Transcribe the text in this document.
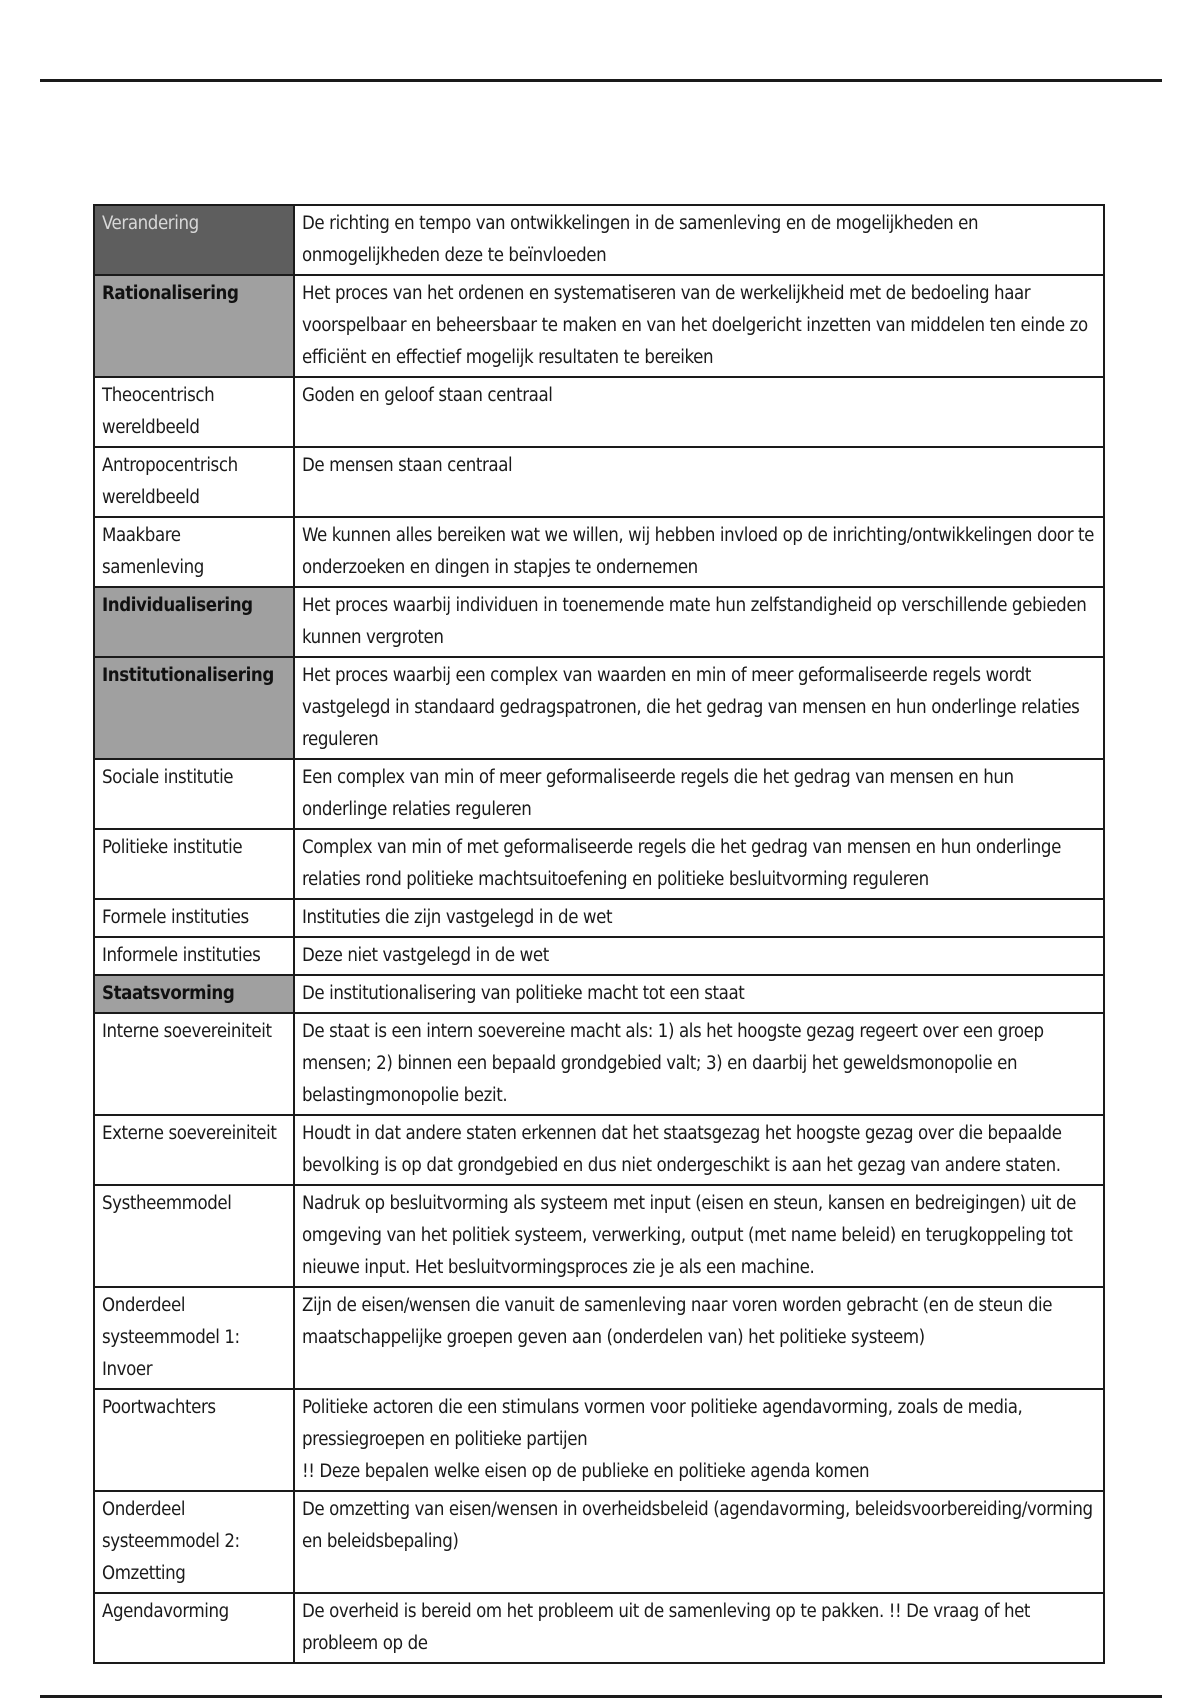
Verandering	De richting en tempo van ontwikkelingen in de samenleving en de mogelijkheden en onmogelijkheden deze te beïnvloeden

Rationalisering	Het proces van het ordenen en systematiseren van de werkelijkheid met de bedoeling haar voorspelbaar en beheersbaar te maken en van het doelgericht inzetten van middelen ten einde zo efficiënt en effectief mogelijk resultaten te bereiken

Theocentrisch wereldbeeld	Goden en geloof staan centraal

Antropocentrisch wereldbeeld	De mensen staan centraal

Maakbare samenleving	We kunnen alles bereiken wat we willen, wij hebben invloed op de inrichting/ontwikkelingen door te onderzoeken en dingen in stapjes te ondernemen

Individualisering	Het proces waarbij individuen in toenemende mate hun zelfstandigheid op verschillende gebieden kunnen vergroten

Institutionalisering	Het proces waarbij een complex van waarden en min of meer geformaliseerde regels wordt vastgelegd in standaard gedragspatronen, die het gedrag van mensen en hun onderlinge relaties reguleren

Sociale institutie	Een complex van min of meer geformaliseerde regels die het gedrag van mensen en hun onderlinge relaties reguleren

Politieke institutie	Complex van min of met geformaliseerde regels die het gedrag van mensen en hun onderlinge relaties rond politieke machtsuitoefening en politieke besluitvorming reguleren

Formele instituties	Instituties die zijn vastgelegd in de wet

Informele instituties	Deze niet vastgelegd in de wet

Staatsvorming	De institutionalisering van politieke macht tot een staat

Interne soevereiniteit	De staat is een intern soevereine macht als: 1) als het hoogste gezag regeert over een groep mensen; 2) binnen een bepaald grondgebied valt; 3) en daarbij het geweldsmonopolie en belastingmonopolie bezit.

Externe soevereiniteit	Houdt in dat andere staten erkennen dat het staatsgezag het hoogste gezag over die bepaalde bevolking is op dat grondgebied en dus niet ondergeschikt is aan het gezag van andere staten.

Systheemmodel	Nadruk op besluitvorming als systeem met input (eisen en steun, kansen en bedreigingen) uit de omgeving van het politiek systeem, verwerking, output (met name beleid) en terugkoppeling tot nieuwe input. Het besluitvormingsproces zie je als een machine.

Onderdeel systeemmodel 1: Invoer	Zijn de eisen/wensen die vanuit de samenleving naar voren worden gebracht (en de steun die maatschappelijke groepen geven aan (onderdelen van) het politieke systeem)

Poortwachters	Politieke actoren die een stimulans vormen voor politieke agendavorming, zoals de media, pressiegroepen en politieke partijen
!! Deze bepalen welke eisen op de publieke en politieke agenda komen

Onderdeel systeemmodel 2: Omzetting	De omzetting van eisen/wensen in overheidsbeleid (agendavorming, beleidsvoorbereiding/vorming en beleidsbepaling)

Agendavorming	De overheid is bereid om het probleem uit de samenleving op te pakken. !! De vraag of het probleem op de
